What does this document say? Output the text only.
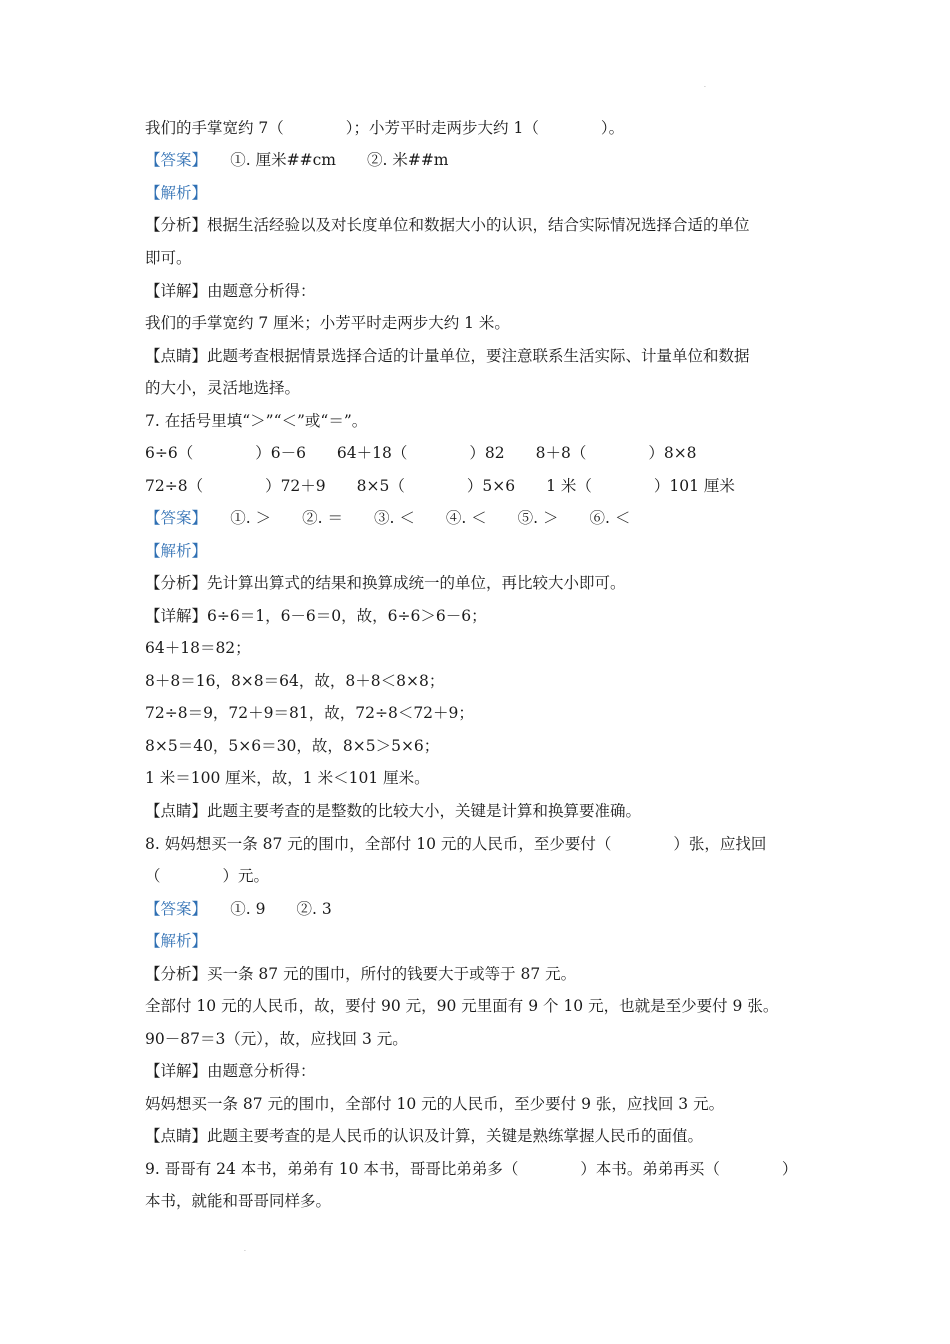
·
·
我们的手掌宽约 7（　　　　）；小芳平时走两步大约 1（　　　　）。
【答案】　　①. 厘米##cm　　②. 米##m
【解析】
【分析】根据生活经验以及对长度单位和数据大小的认识，结合实际情况选择合适的单位
即可。
【详解】由题意分析得：
我们的手掌宽约 7 厘米；小芳平时走两步大约 1 米。
【点睛】此题考查根据情景选择合适的计量单位，要注意联系生活实际、计量单位和数据
的大小，灵活地选择。
7. 在括号里填“＞”“＜”或“＝”。
6÷6（　　　　）6－6　　64＋18（　　　　）82　　8＋8（　　　　）8×8
72÷8（　　　　）72＋9　　8×5（　　　　）5×6　　1 米（　　　　）101 厘米
【答案】　　①. ＞　　②. ＝　　③. ＜　　④. ＜　　⑤. ＞　　⑥. ＜
【解析】
【分析】先计算出算式的结果和换算成统一的单位，再比较大小即可。
【详解】6÷6＝1，6－6＝0，故，6÷6＞6－6；
64＋18＝82；
8＋8＝16，8×8＝64，故，8＋8＜8×8；
72÷8＝9，72＋9＝81，故，72÷8＜72＋9；
8×5＝40，5×6＝30，故，8×5＞5×6；
1 米＝100 厘米，故，1 米＜101 厘米。
【点睛】此题主要考查的是整数的比较大小，关键是计算和换算要准确。
8. 妈妈想买一条 87 元的围巾，全部付 10 元的人民币，至少要付（　　　　）张，应找回
（　　　　）元。
【答案】　　①. 9　　②. 3
【解析】
【分析】买一条 87 元的围巾，所付的钱要大于或等于 87 元。
全部付 10 元的人民币，故，要付 90 元，90 元里面有 9 个 10 元，也就是至少要付 9 张。
90－87＝3（元），故，应找回 3 元。
【详解】由题意分析得：
妈妈想买一条 87 元的围巾，全部付 10 元的人民币，至少要付 9 张，应找回 3 元。
【点睛】此题主要考查的是人民币的认识及计算，关键是熟练掌握人民币的面值。
9. 哥哥有 24 本书，弟弟有 10 本书，哥哥比弟弟多（　　　　）本书。弟弟再买（　　　　）
本书，就能和哥哥同样多。
